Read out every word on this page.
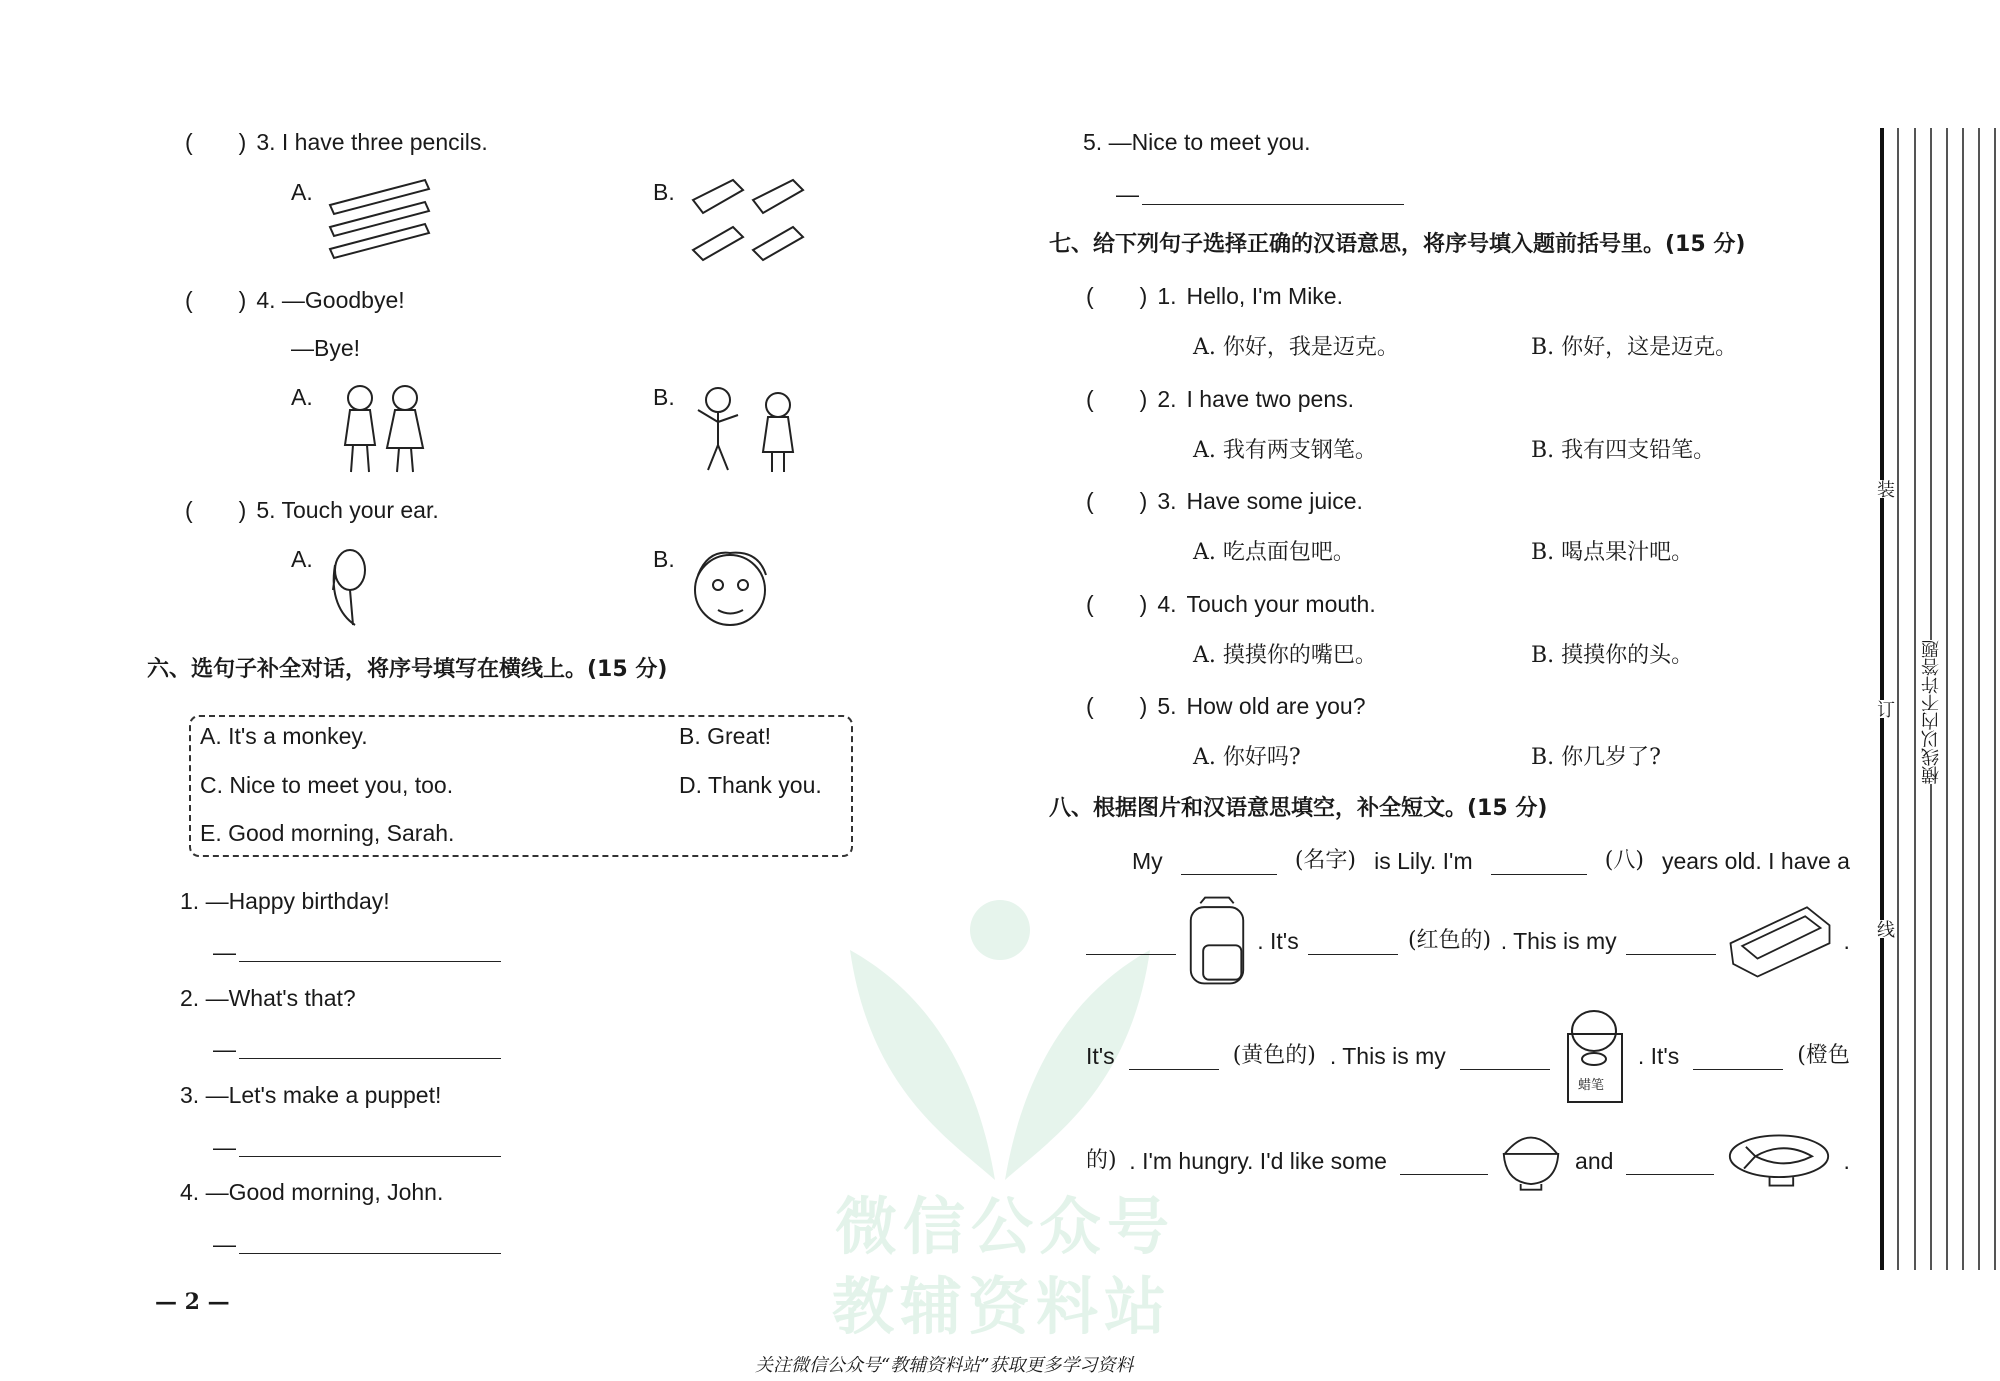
微信公众号
教辅资料站
(　　) 3. I have three pencils.
A.	B.
(　　) 4. —Goodbye!
—Bye!
A.	B.
(　　) 5. Touch your ear.
A.	B.
六、选句子补全对话，将序号填写在横线上。(15 分)
A. It's a monkey.	B. Great!
C. Nice to meet you, too.	D. Thank you.
E. Good morning, Sarah.
1. —Happy birthday!
—
2. —What's that?
—
3. —Let's make a puppet!
—
4. —Good morning, John.
—
— 2 —
5. —Nice to meet you.
—
七、给下列句子选择正确的汉语意思，将序号填入题前括号里。(15 分)
(　　) 1. Hello, I'm Mike.
A. 你好，我是迈克。	B. 你好，这是迈克。
(　　) 2. I have two pens.
A. 我有两支钢笔。	B. 我有四支铅笔。
(　　) 3. Have some juice.
A. 吃点面包吧。	B. 喝点果汁吧。
(　　) 4. Touch your mouth.
A. 摸摸你的嘴巴。	B. 摸摸你的头。
(　　) 5. How old are you?
A. 你好吗?	B. 你几岁了?
八、根据图片和汉语意思填空，补全短文。(15 分)
My	(名字) is Lily. I'm	(八) years old. I have a
. It's	(红色的) . This is my	.
It's	(黄色的) . This is my
蜡笔
. It's	(橙色
的) . I'm hungry. I'd like some	and	.
装
订
线
横线以内不许答题
关注微信公众号“教辅资料站”获取更多学习资料
